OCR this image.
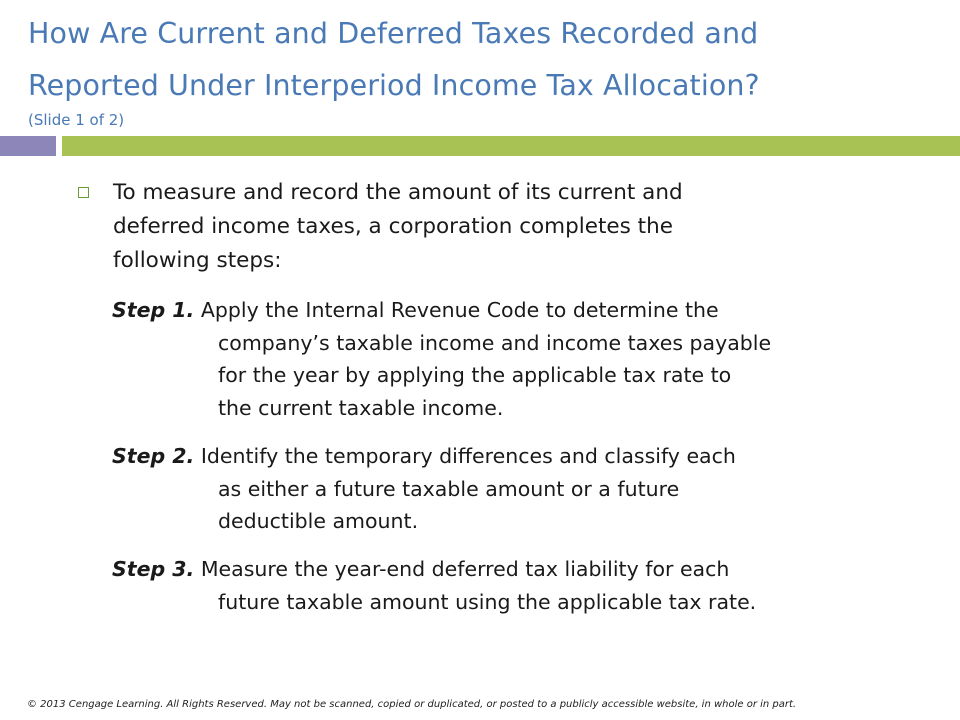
How Are Current and Deferred Taxes Recorded and
Reported Under Interperiod Income Tax Allocation?
(Slide 1 of 2)
To measure and record the amount of its current and
deferred income taxes, a corporation completes the
following steps:
Step 1. Apply the Internal Revenue Code to determine the
company’s taxable income and income taxes payable
for the year by applying the applicable tax rate to
the current taxable income.
Step 2. Identify the temporary differences and classify each
as either a future taxable amount or a future
deductible amount.
Step 3. Measure the year-end deferred tax liability for each
future taxable amount using the applicable tax rate.
© 2013 Cengage Learning. All Rights Reserved. May not be scanned, copied or duplicated, or posted to a publicly accessible website, in whole or in part.
